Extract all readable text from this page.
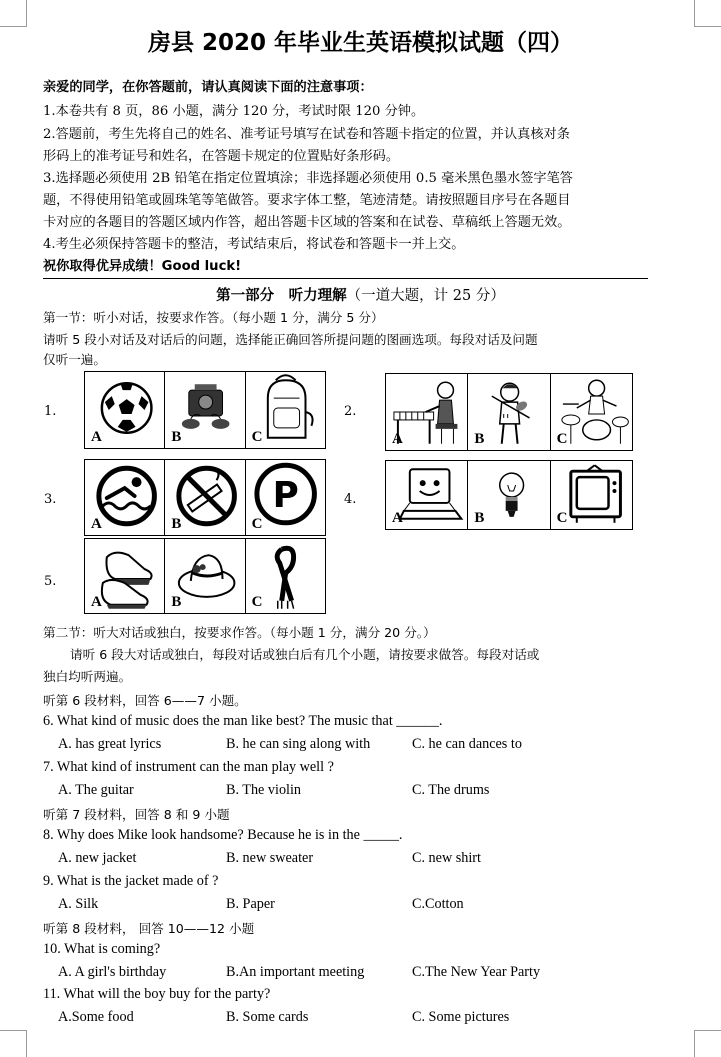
房县 2020 年毕业生英语模拟试题（四）
亲爱的同学，在你答题前，请认真阅读下面的注意事项：
1.本卷共有 8 页，86 小题，满分 120 分，考试时限 120 分钟。
2.答题前，考生先将自己的姓名、准考证号填写在试卷和答题卡指定的位置，并认真核对条
形码上的准考证号和姓名，在答题卡规定的位置贴好条形码。
3.选择题必须使用 2B 铅笔在指定位置填涂；非选择题必须使用 0.5 毫米黑色墨水签字笔答
题，不得使用铅笔或圆珠笔等笔做答。要求字体工整，笔迹清楚。请按照题目序号在各题目
卡对应的各题目的答题区域内作答，超出答题卡区域的答案和在试卷、草稿纸上答题无效。
4.考生必须保持答题卡的整洁，考试结束后，将试卷和答题卡一并上交。
祝你取得优异成绩！Good luck!
第一部分　听力理解（一道大题，计 25 分）
第一节：听小对话，按要求作答。（每小题 1 分，满分 5 分）
请听 5 段小对话及对话后的问题，选择能正确回答所提问题的图画选项。每段对话及问题
仅听一遍。
1.
A	B	C
2.
A	B	C
3.
A	B
P
C
4.
A	B	C
5.
A	B	C
第二节：听大对话或独白，按要求作答。（每小题 1 分，满分 20 分。）
请听 6 段大对话或独白，每段对话或独白后有几个小题，请按要求做答。每段对话或
独白均听两遍。
听第 6 段材料，回答 6——7 小题。
6. What kind of music does the man like best? The music that ______.
A. has great lyrics	B. he can sing along with	C. he can dances to
7. What kind of instrument can the man play well ?
A. The guitar	B. The violin	C. The drums
听第 7 段材料，回答 8 和 9 小题
8. Why does Mike look handsome? Because he is in the _____.
A. new jacket	B. new sweater	C. new shirt
9. What is the jacket made of ?
A. Silk	B. Paper	C.Cotton
听第 8 段材料， 回答 10——12 小题
10. What is coming?
A. A girl's birthday	B.An important meeting	C.The New Year Party
11. What will the boy buy for the party?
A.Some food	B. Some cards	C. Some pictures
